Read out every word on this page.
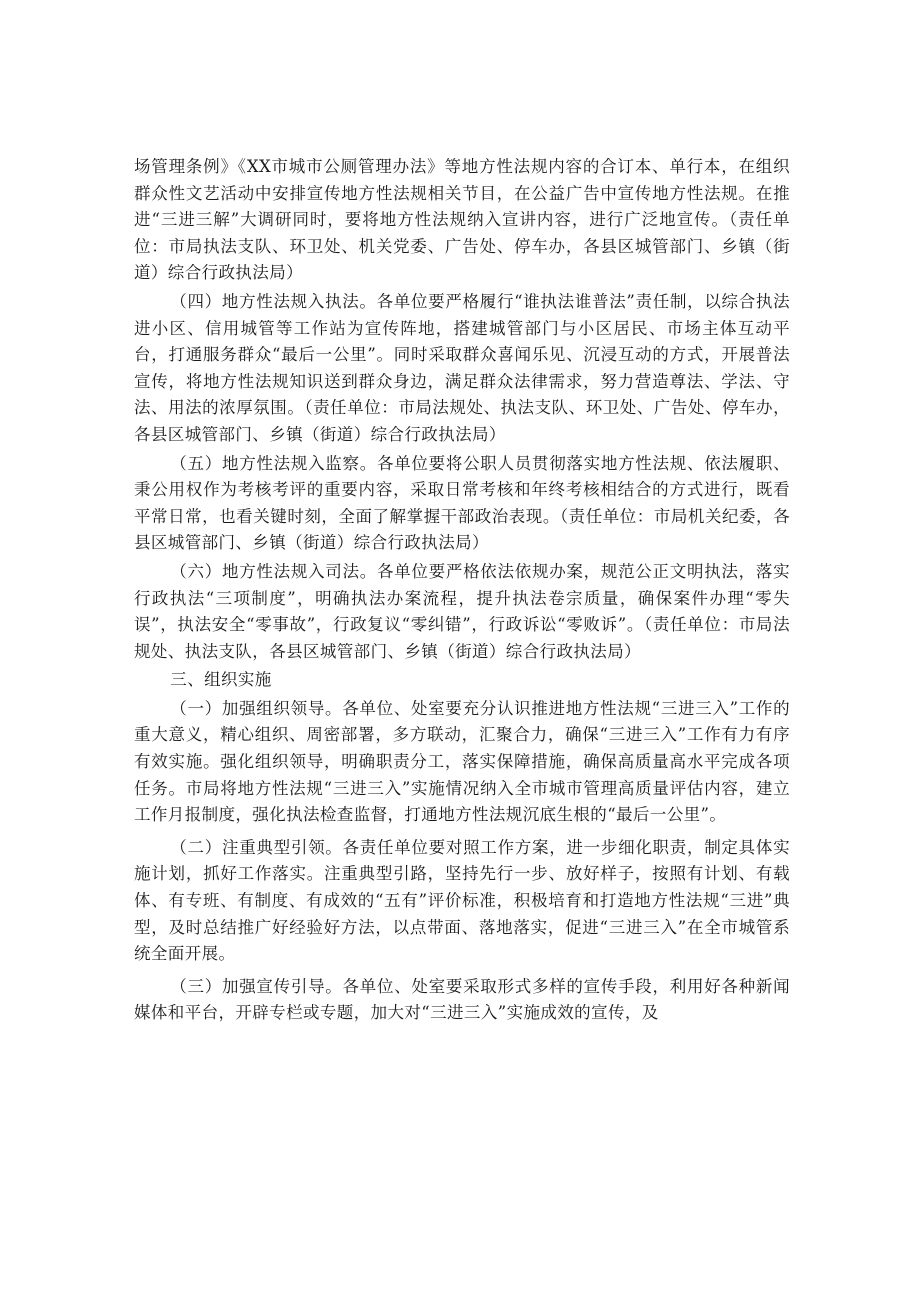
场管理条例》《XX市城市公厕管理办法》等地方性法规内容的合订本、单行本，在组织群众性文艺活动中安排宣传地方性法规相关节目，在公益广告中宣传地方性法规。在推进“三进三解”大调研同时，要将地方性法规纳入宣讲内容，进行广泛地宣传。（责任单位：市局执法支队、环卫处、机关党委、广告处、停车办，各县区城管部门、乡镇（街道）综合行政执法局）

（四）地方性法规入执法。各单位要严格履行“谁执法谁普法”责任制，以综合执法进小区、信用城管等工作站为宣传阵地，搭建城管部门与小区居民、市场主体互动平台，打通服务群众“最后一公里”。同时采取群众喜闻乐见、沉浸互动的方式，开展普法宣传，将地方性法规知识送到群众身边，满足群众法律需求，努力营造尊法、学法、守法、用法的浓厚氛围。（责任单位：市局法规处、执法支队、环卫处、广告处、停车办，各县区城管部门、乡镇（街道）综合行政执法局）

（五）地方性法规入监察。各单位要将公职人员贯彻落实地方性法规、依法履职、秉公用权作为考核考评的重要内容，采取日常考核和年终考核相结合的方式进行，既看平常日常，也看关键时刻，全面了解掌握干部政治表现。（责任单位：市局机关纪委，各县区城管部门、乡镇（街道）综合行政执法局）

（六）地方性法规入司法。各单位要严格依法依规办案，规范公正文明执法，落实行政执法“三项制度”，明确执法办案流程，提升执法卷宗质量，确保案件办理“零失误”，执法安全“零事故”，行政复议“零纠错”，行政诉讼“零败诉”。（责任单位：市局法规处、执法支队，各县区城管部门、乡镇（街道）综合行政执法局）

三、组织实施

（一）加强组织领导。各单位、处室要充分认识推进地方性法规“三进三入”工作的重大意义，精心组织、周密部署，多方联动，汇聚合力，确保“三进三入”工作有力有序有效实施。强化组织领导，明确职责分工，落实保障措施，确保高质量高水平完成各项任务。市局将地方性法规“三进三入”实施情况纳入全市城市管理高质量评估内容，建立工作月报制度，强化执法检查监督，打通地方性法规沉底生根的“最后一公里”。

（二）注重典型引领。各责任单位要对照工作方案，进一步细化职责，制定具体实施计划，抓好工作落实。注重典型引路，坚持先行一步、放好样子，按照有计划、有载体、有专班、有制度、有成效的“五有”评价标准，积极培育和打造地方性法规“三进”典型，及时总结推广好经验好方法，以点带面、落地落实，促进“三进三入”在全市城管系统全面开展。

（三）加强宣传引导。各单位、处室要采取形式多样的宣传手段，利用好各种新闻媒体和平台，开辟专栏或专题，加大对“三进三入”实施成效的宣传，及
